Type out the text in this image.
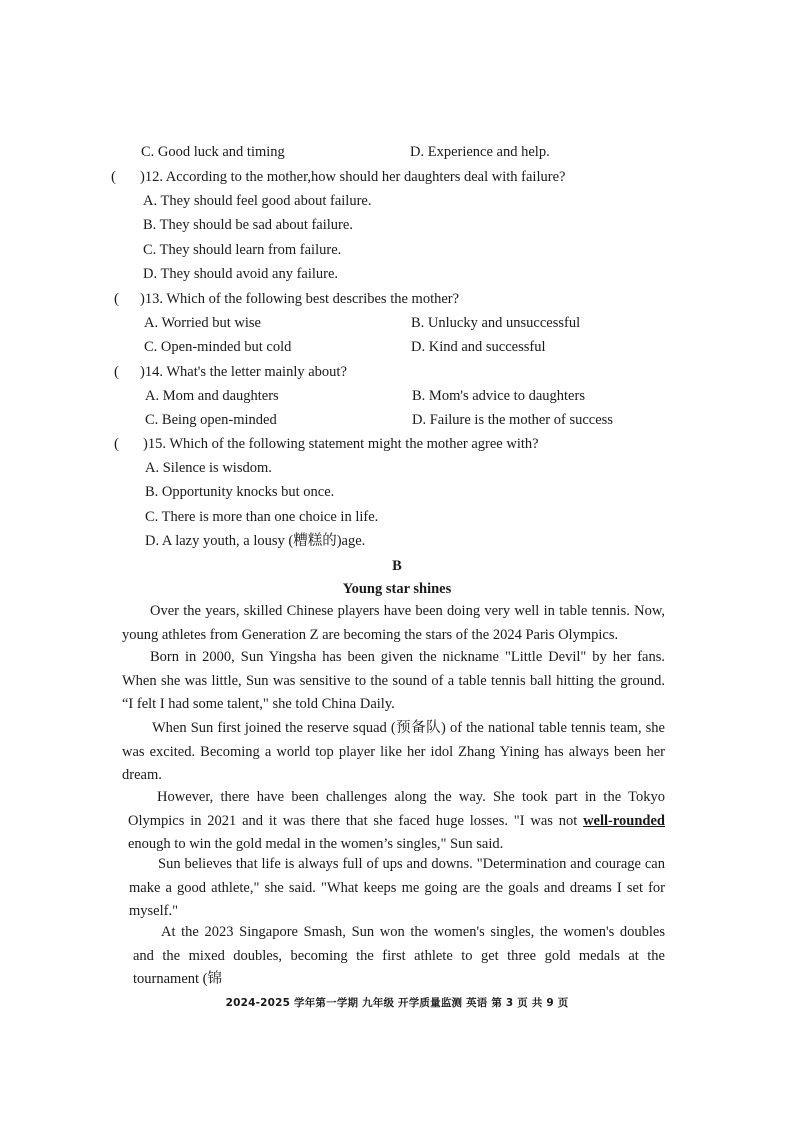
C. Good luck and timing	D. Experience and help.
( )12. According to the mother,how should her daughters deal with failure?
A. They should feel good about failure.
B. They should be sad about failure.
C. They should learn from failure.
D. They should avoid any failure.
( )13. Which of the following best describes the mother?
A. Worried but wise	B. Unlucky and unsuccessful
C. Open-minded but cold	D. Kind and successful
( )14. What's the letter mainly about?
A. Mom and daughters	B. Mom's advice to daughters
C. Being open-minded	D. Failure is the mother of success
( )15. Which of the following statement might the mother agree with?
A. Silence is wisdom.
B. Opportunity knocks but once.
C. There is more than one choice in life.
D. A lazy youth, a lousy (糟糕的)age.
B
Young star shines
Over the years, skilled Chinese players have been doing very well in table tennis. Now, young athletes from Generation Z are becoming the stars of the 2024 Paris Olympics.
Born in 2000, Sun Yingsha has been given the nickname "Little Devil" by her fans. When she was little, Sun was sensitive to the sound of a table tennis ball hitting the ground. “I felt I had some talent," she told China Daily.
When Sun first joined the reserve squad (预备队) of the national table tennis team, she was excited. Becoming a world top player like her idol Zhang Yining has always been her dream.
However, there have been challenges along the way. She took part in the Tokyo Olympics in 2021 and it was there that she faced huge losses. "I was not well-rounded enough to win the gold medal in the women’s singles," Sun said.
Sun believes that life is always full of ups and downs. "Determination and courage can make a good athlete," she said. "What keeps me going are the goals and dreams I set for myself."
At the 2023 Singapore Smash, Sun won the women's singles, the women's doubles and the mixed doubles, becoming the first athlete to get three gold medals at the tournament (锦
2024-2025 学年第一学期 九年级 开学质量监测 英语 第 3 页 共 9 页
